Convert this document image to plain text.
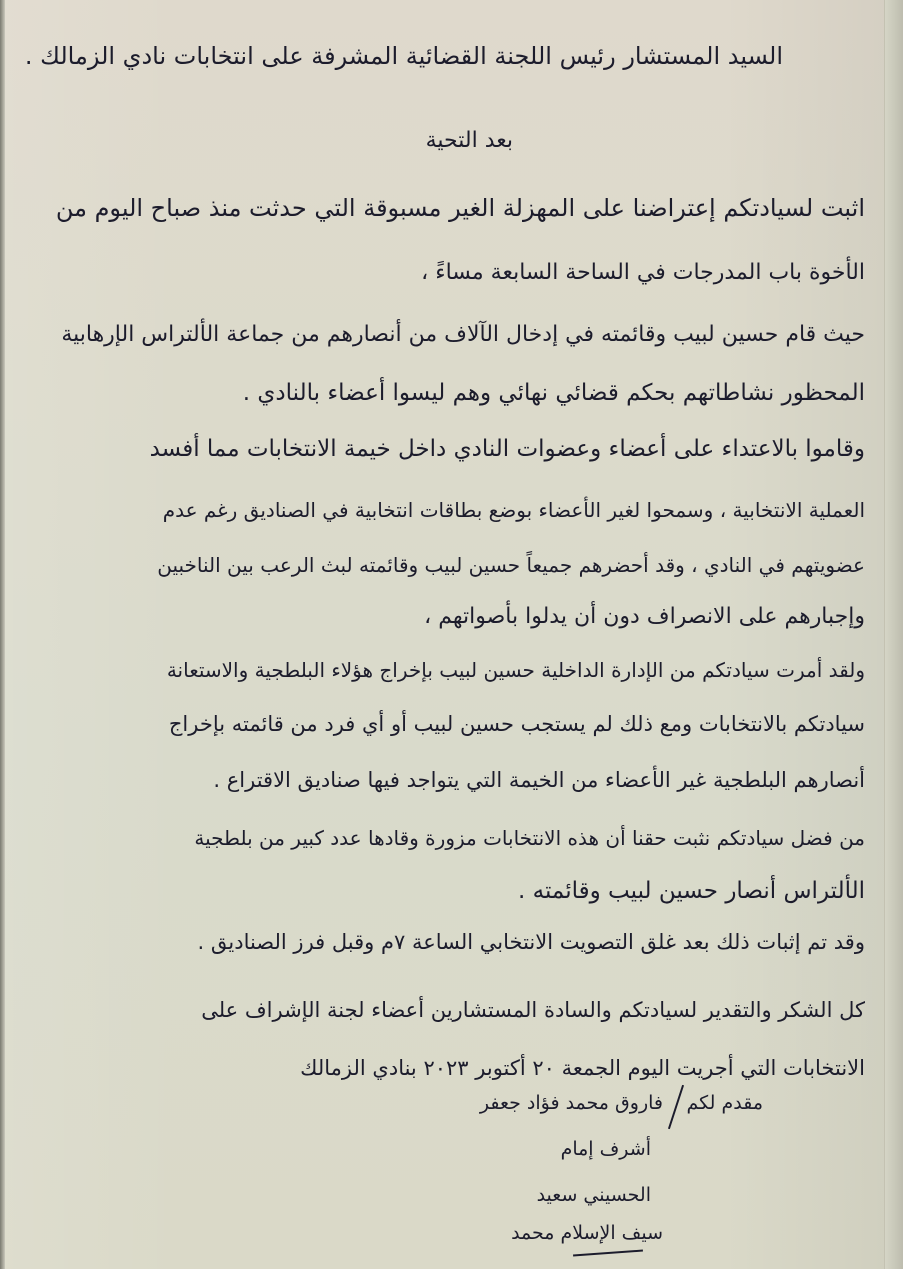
السيد المستشار رئيس اللجنة القضائية المشرفة على انتخابات نادي الزمالك .
بعد التحية
اثبت لسيادتكم إعتراضنا على المهزلة الغير مسبوقة التي حدثت منذ صباح اليوم من
الأخوة باب المدرجات في الساحة السابعة مساءً ،
حيث قام حسين لبيب وقائمته في إدخال الآلاف من أنصارهم من جماعة الألتراس الإرهابية
المحظور نشاطاتهم بحكم قضائي نهائي وهم ليسوا أعضاء بالنادي .
وقاموا بالاعتداء على أعضاء وعضوات النادي داخل خيمة الانتخابات مما أفسد
العملية الانتخابية ، وسمحوا لغير الأعضاء بوضع بطاقات انتخابية في الصناديق رغم عدم
عضويتهم في النادي ، وقد أحضرهم جميعاً حسين لبيب وقائمته لبث الرعب بين الناخبين
وإجبارهم على الانصراف دون أن يدلوا بأصواتهم ،
ولقد أمرت سيادتكم من الإدارة الداخلية حسين لبيب بإخراج هؤلاء البلطجية والاستعانة
سيادتكم بالانتخابات ومع ذلك لم يستجب حسين لبيب أو أي فرد من قائمته بإخراج
أنصارهم البلطجية غير الأعضاء من الخيمة التي يتواجد فيها صناديق الاقتراع .
من فضل سيادتكم نثبت حقنا أن هذه الانتخابات مزورة وقادها عدد كبير من بلطجية
الألتراس أنصار حسين لبيب وقائمته .
وقد تم إثبات ذلك بعد غلق التصويت الانتخابي الساعة ٧م وقبل فرز الصناديق .
كل الشكر والتقدير لسيادتكم والسادة المستشارين أعضاء لجنة الإشراف على
الانتخابات التي أجريت اليوم الجمعة ٢٠ أكتوبر ٢٠٢٣ بنادي الزمالك
مقدم لكم
فاروق محمد فؤاد جعفر
أشرف إمام
الحسيني سعيد
سيف الإسلام محمد
